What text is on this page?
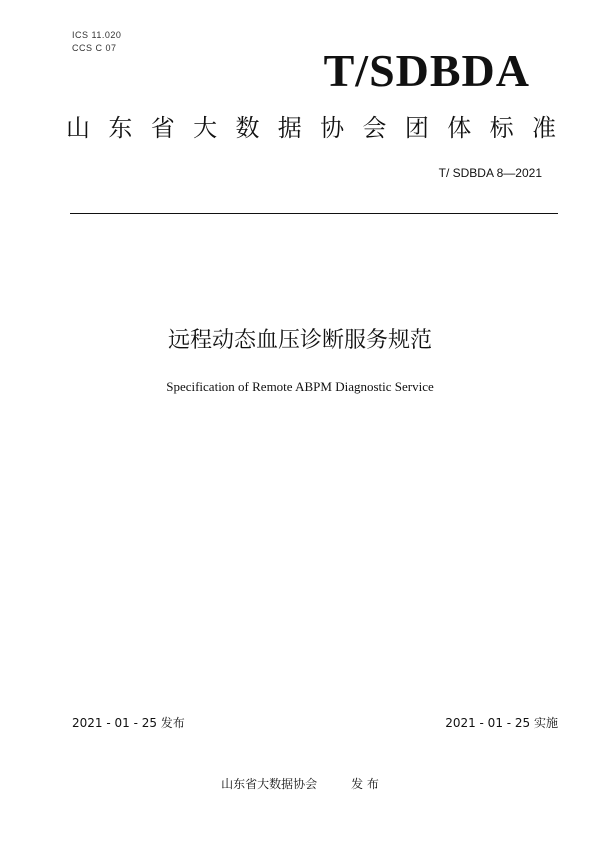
ICS 11.020
CCS C 07	T/SDBDA
山 东 省 大 数 据 协 会 团 体 标 准
T/ SDBDA 8—2021
远程动态血压诊断服务规范
Specification of Remote ABPM Diagnostic Service
2021 - 01 - 25 发布	2021 - 01 - 25 实施
山东省大数据协会	发 布
